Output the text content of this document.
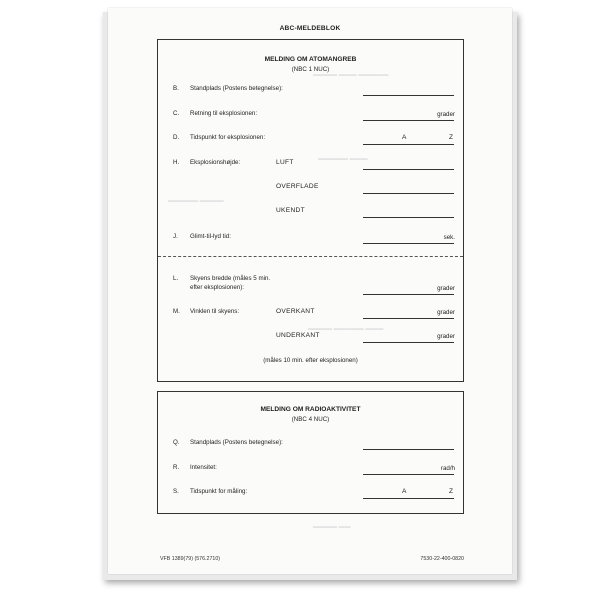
▬▬▬▬ ▬▬▬ ▬▬▬▬▬
▬▬▬▬▬ ▬▬▬
▬▬▬▬▬ ▬▬▬▬
▬▬▬▬ ▬▬▬▬▬ ▬▬▬
▬▬▬▬ ▬▬
ABC-MELDEBLOK
MELDING OM ATOMANGREB
(NBC 1 NUC)
B. Standplads (Postens betegnelse):
C. Retning til eksplosionen:	grader
D. Tidspunkt for eksplosionen:	A	Z
H. Eksplosionshøjde:	LUFT
OVERFLADE
UKENDT
J. Glimt-til-lyd tid:	sek.
L. Skyens bredde (måles 5 min.
efter eksplosionen):	grader
M. Vinklen til skyens:	OVERKANT	grader
UNDERKANT	grader
(måles 10 min. efter eksplosionen)
MELDING OM RADIOAKTIVITET
(NBC 4 NUC)
Q. Standplads (Postens betegnelse):
R. Intensitet:	rad/h
S. Tidspunkt for måling:	A	Z
VFB 1389(79) (576.2710)	7530-22-400-0820
